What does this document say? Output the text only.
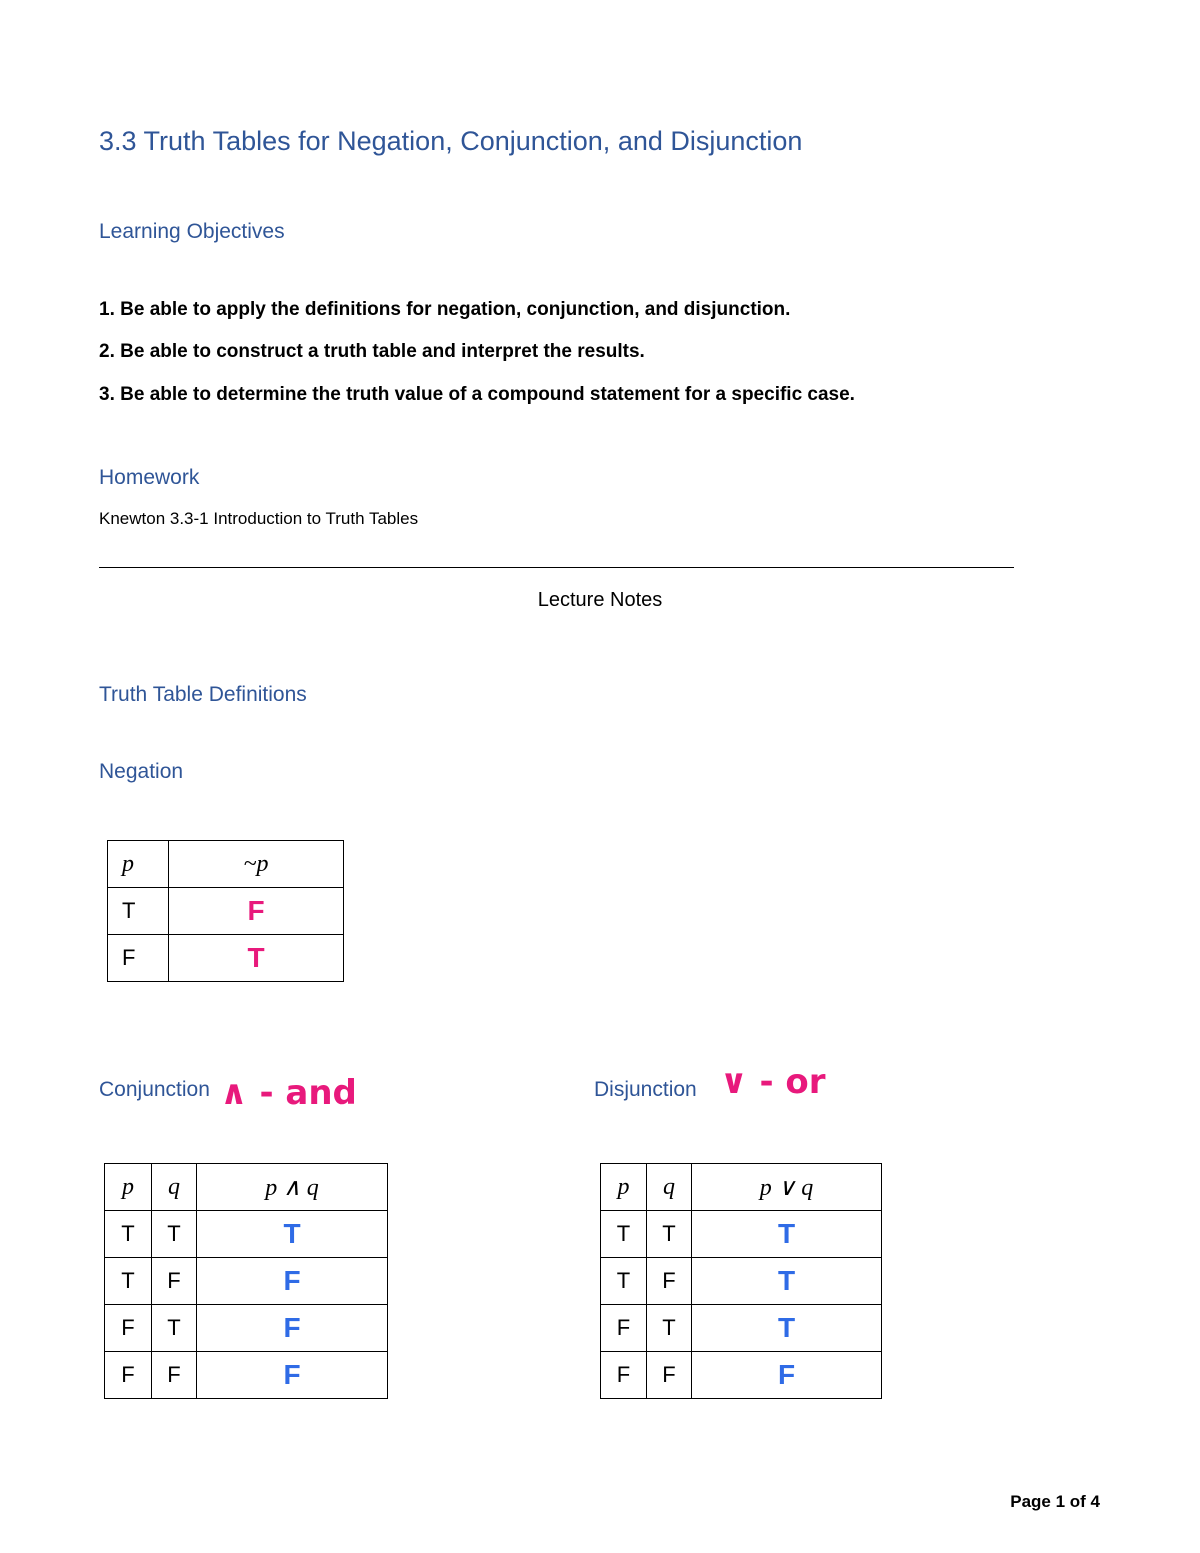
3.3 Truth Tables for Negation, Conjunction, and Disjunction
Learning Objectives
1. Be able to apply the definitions for negation, conjunction, and disjunction.
2. Be able to construct a truth table and interpret the results.
3. Be able to determine the truth value of a compound statement for a specific case.
Homework
Knewton 3.3-1 Introduction to Truth Tables
Lecture Notes
Truth Table Definitions
Negation
p	~p
T	F
F	T
Conjunction ∧ - and
p	q	p ∧ q
T	T	T
T	F	F
F	T	F
F	F	F
Disjunction ∨ - or
p	q	p ∨ q
T	T	T
T	F	T
F	T	T
F	F	F
Page 1 of 4
